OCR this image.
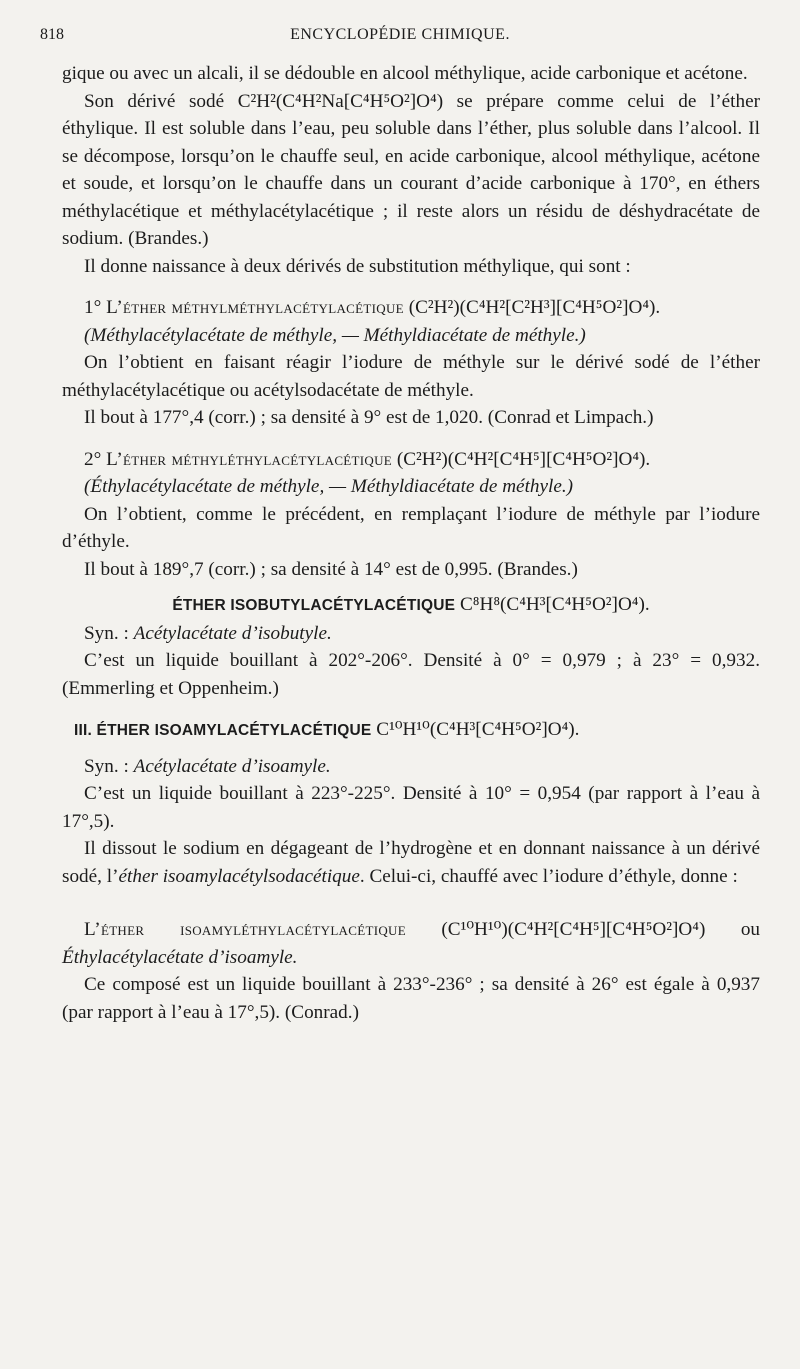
818	ENCYCLOPÉDIE CHIMIQUE.

gique ou avec un alcali, il se dédouble en alcool méthylique, acide carbonique et acétone.

Son dérivé sodé C²H²(C⁴H²Na[C⁴H⁵O²]O⁴) se prépare comme celui de l’éther éthylique. Il est soluble dans l’eau, peu soluble dans l’éther, plus soluble dans l’alcool. Il se décompose, lorsqu’on le chauffe seul, en acide carbonique, alcool méthylique, acétone et soude, et lorsqu’on le chauffe dans un courant d’acide carbonique à 170°, en éthers méthylacétique et méthylacétylacétique ; il reste alors un résidu de déshydracétate de sodium. (Brandes.)

Il donne naissance à deux dérivés de substitution méthylique, qui sont :

1° L’éther méthylméthylacétylacétique (C²H²)(C⁴H²[C²H³][C⁴H⁵O²]O⁴).

(Méthylacétylacétate de méthyle, — Méthyldiacétate de méthyle.)

On l’obtient en faisant réagir l’iodure de méthyle sur le dérivé sodé de l’éther méthylacétylacétique ou acétylsodacétate de méthyle.

Il bout à 177°,4 (corr.) ; sa densité à 9° est de 1,020. (Conrad et Limpach.)

2° L’éther méthyléthylacétylacétique (C²H²)(C⁴H²[C⁴H⁵][C⁴H⁵O²]O⁴).

(Éthylacétylacétate de méthyle, — Méthyldiacétate de méthyle.)

On l’obtient, comme le précédent, en remplaçant l’iodure de méthyle par l’iodure d’éthyle.

Il bout à 189°,7 (corr.) ; sa densité à 14° est de 0,995. (Brandes.)

ÉTHER ISOBUTYLACÉTYLACÉTIQUE C⁸H⁸(C⁴H³[C⁴H⁵O²]O⁴).

Syn. : Acétylacétate d’isobutyle.

C’est un liquide bouillant à 202°-206°. Densité à 0° = 0,979 ; à 23° = 0,932. (Emmerling et Oppenheim.)

III. ÉTHER ISOAMYLACÉTYLACÉTIQUE C¹⁰H¹⁰(C⁴H³[C⁴H⁵O²]O⁴).

Syn. : Acétylacétate d’isoamyle.

C’est un liquide bouillant à 223°-225°. Densité à 10° = 0,954 (par rapport à l’eau à 17°,5).

Il dissout le sodium en dégageant de l’hydrogène et en donnant naissance à un dérivé sodé, l’éther isoamylacétylsodacétique. Celui-ci, chauffé avec l’iodure d’éthyle, donne :

L’éther isoamyléthylacétylacétique (C¹⁰H¹⁰)(C⁴H²[C⁴H⁵][C⁴H⁵O²]O⁴) ou Éthylacétylacétate d’isoamyle.

Ce composé est un liquide bouillant à 233°-236° ; sa densité à 26° est égale à 0,937 (par rapport à l’eau à 17°,5). (Conrad.)
